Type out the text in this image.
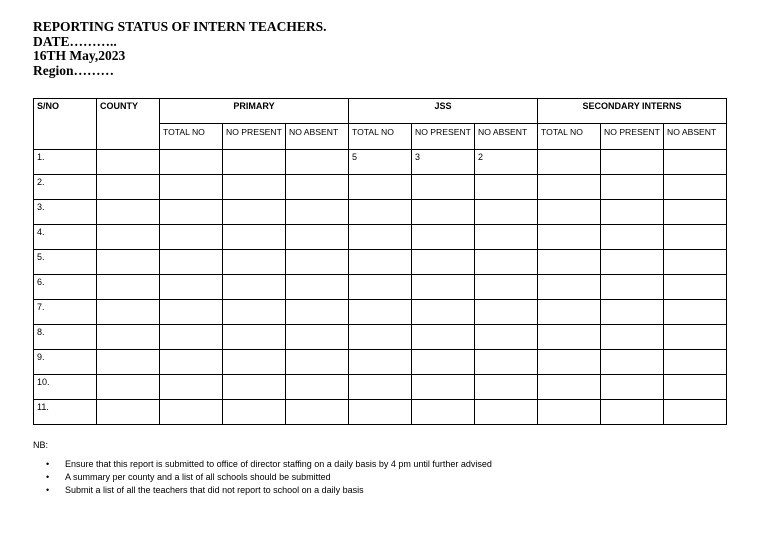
REPORTING STATUS OF INTERN TEACHERS.
DATE………..
16TH May,2023
Region………
S/NO	COUNTY	PRIMARY			JSS			SECONDARY INTERNS		
		TOTAL NO	NO PRESENT	NO ABSENT	TOTAL NO	NO PRESENT	NO ABSENT	TOTAL NO	NO PRESENT	NO ABSENT
1.					5	3	2			
2.										
3.										
4.										
5.										
6.										
7.										
8.										
9.										
10.										
11.										
NB:
• Ensure that this report is submitted to office of director staffing on a daily basis by 4 pm until further advised
• A summary per county and a list of all schools should be submitted
• Submit a list of all the teachers that did not report to school on a daily basis
